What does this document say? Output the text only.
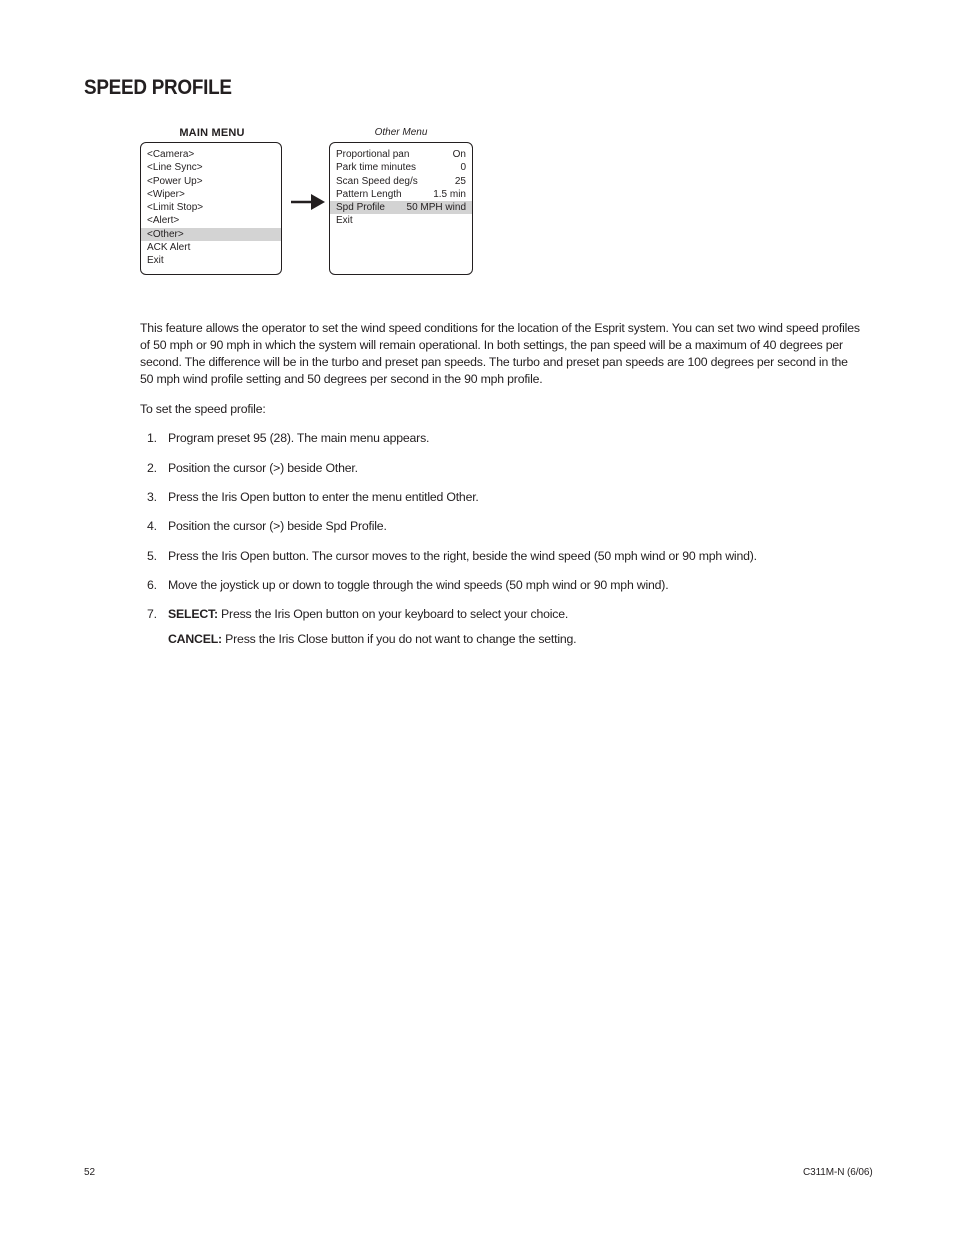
SPEED PROFILE
MAIN MENU
<Camera>
<Line Sync>
<Power Up>
<Wiper>
<Limit Stop>
<Alert>
<Other>
ACK Alert
Exit
Other Menu
Proportional pan	On
Park time minutes	0
Scan Speed deg/s	25
Pattern Length	1.5 min
Spd Profile 50 MPH wind
Exit
This feature allows the operator to set the wind speed conditions for the location of the Esprit system. You can set two wind speed profiles of 50 mph or 90 mph in which the system will remain operational. In both settings, the pan speed will be a maximum of 40 degrees per second. The difference will be in the turbo and preset pan speeds. The turbo and preset pan speeds are 100 degrees per second in the 50 mph wind profile setting and 50 degrees per second in the 90 mph profile.
To set the speed profile:
1. Program preset 95 (28). The main menu appears.
2. Position the cursor (>) beside Other.
3. Press the Iris Open button to enter the menu entitled Other.
4. Position the cursor (>) beside Spd Profile.
5. Press the Iris Open button. The cursor moves to the right, beside the wind speed (50 mph wind or 90 mph wind).
6. Move the joystick up or down to toggle through the wind speeds (50 mph wind or 90 mph wind).
7. SELECT: Press the Iris Open button on your keyboard to select your choice.
CANCEL: Press the Iris Close button if you do not want to change the setting.
52	C311M-N (6/06)
